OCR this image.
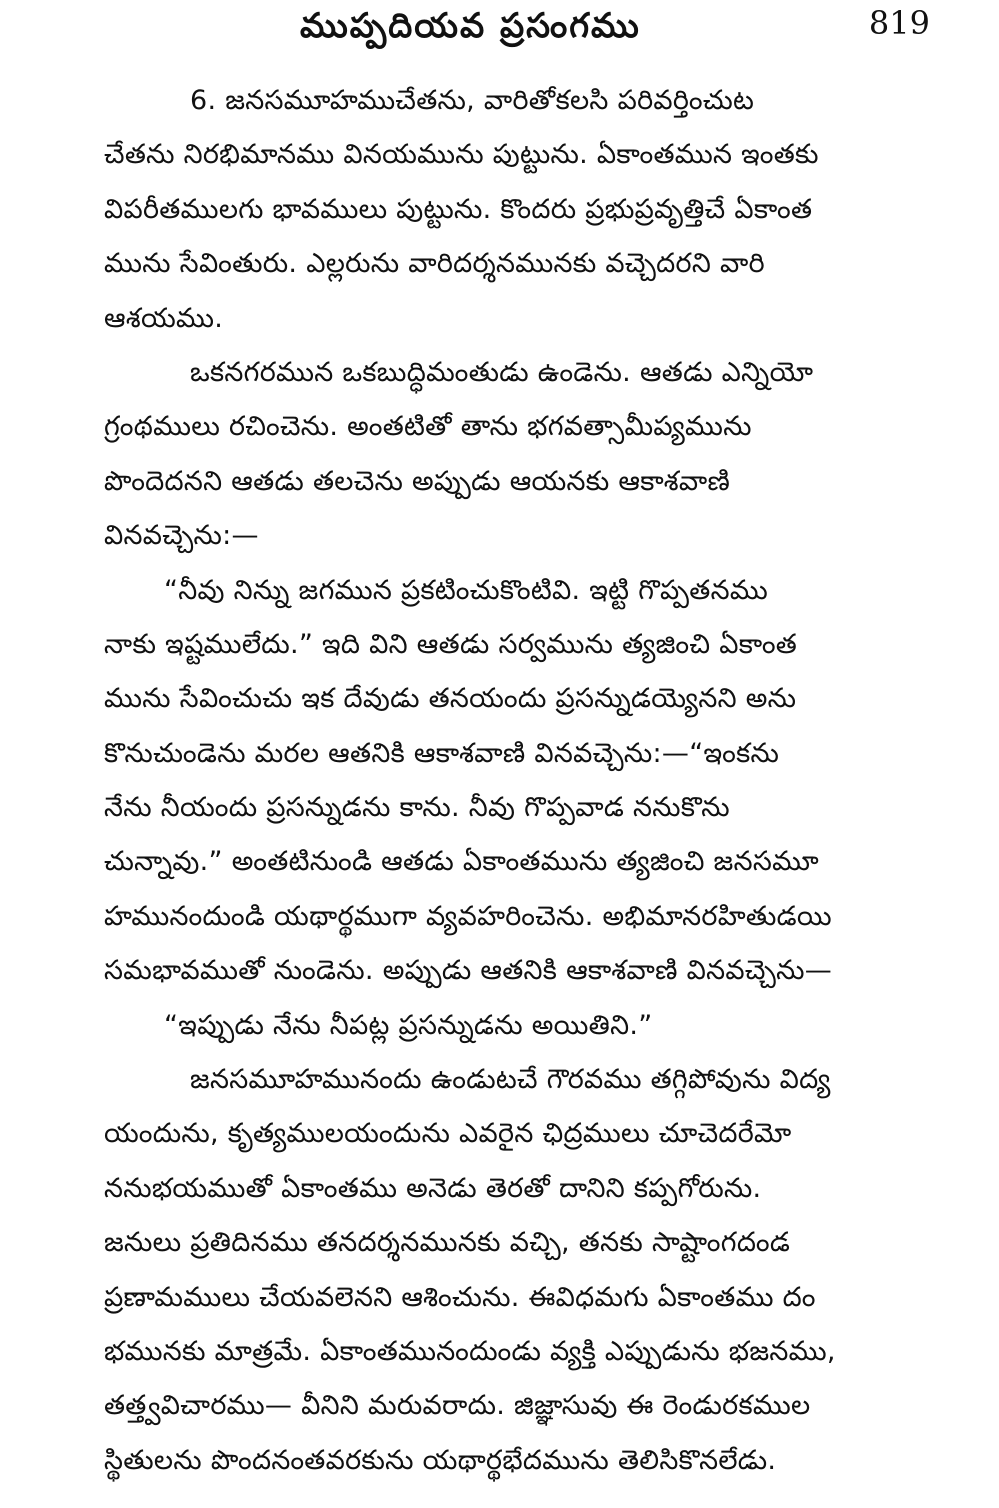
ముప్పదియవ ప్రసంగము	819
6. జనసమూహముచేతను, వారితోకలసి పరివర్తించుట
చేతను నిరభిమానము వినయమును పుట్టును. ఏకాంతమున ఇంతకు
విపరీతములగు భావములు పుట్టును. కొందరు ప్రభుప్రవృత్తిచే ఏకాంత
మును సేవింతురు. ఎల్లరును వారిదర్శనమునకు వచ్చెదరని వారి
ఆశయము.
ఒకనగరమున ఒకబుద్ధిమంతుడు ఉండెను. ఆతడు ఎన్నియో
గ్రంథములు రచించెను. అంతటితో తాను భగవత్సామీప్యమును
పొందెదనని ఆతడు తలచెను అప్పుడు ఆయనకు ఆకాశవాణి
వినవచ్చెను:—
“నీవు నిన్ను జగమున ప్రకటించుకొంటివి. ఇట్టి గొప్పతనము
నాకు ఇష్టములేదు.” ఇది విని ఆతడు సర్వమును త్యజించి ఏకాంత
మును సేవించుచు ఇక దేవుడు తనయందు ప్రసన్నుడయ్యెనని అను
కొనుచుండెను మరల ఆతనికి ఆకాశవాణి వినవచ్చెను:—“ఇంకను
నేను నీయందు ప్రసన్నుడను కాను. నీవు గొప్పవాడ ననుకొను
చున్నావు.” అంతటినుండి ఆతడు ఏకాంతమును త్యజించి జనసమూ
హమునందుండి యథార్థముగా వ్యవహరించెను. అభిమానరహితుడయి
సమభావముతో నుండెను. అప్పుడు ఆతనికి ఆకాశవాణి వినవచ్చెను—
“ఇప్పుడు నేను నీపట్ల ప్రసన్నుడను అయితిని.”
జనసమూహమునందు ఉండుటచే గౌరవము తగ్గిపోవును విద్య
యందును, కృత్యములయందును ఎవరైన ఛిద్రములు చూచెదరేమో
ననుభయముతో ఏకాంతము అనెడు తెరతో దానిని కప్పగోరును.
జనులు ప్రతిదినము తనదర్శనమునకు వచ్చి, తనకు సాష్టాంగదండ
ప్రణామములు చేయవలెనని ఆశించును. ఈవిధమగు ఏకాంతము దం
భమునకు మాత్రమే. ఏకాంతమునందుండు వ్యక్తి ఎప్పుడును భజనము,
తత్త్వవిచారము— వీనిని మరువరాదు. జిజ్ఞాసువు ఈ రెండురకముల
స్థితులను పొందనంతవరకును యథార్థభేదమును తెలిసికొనలేడు.
